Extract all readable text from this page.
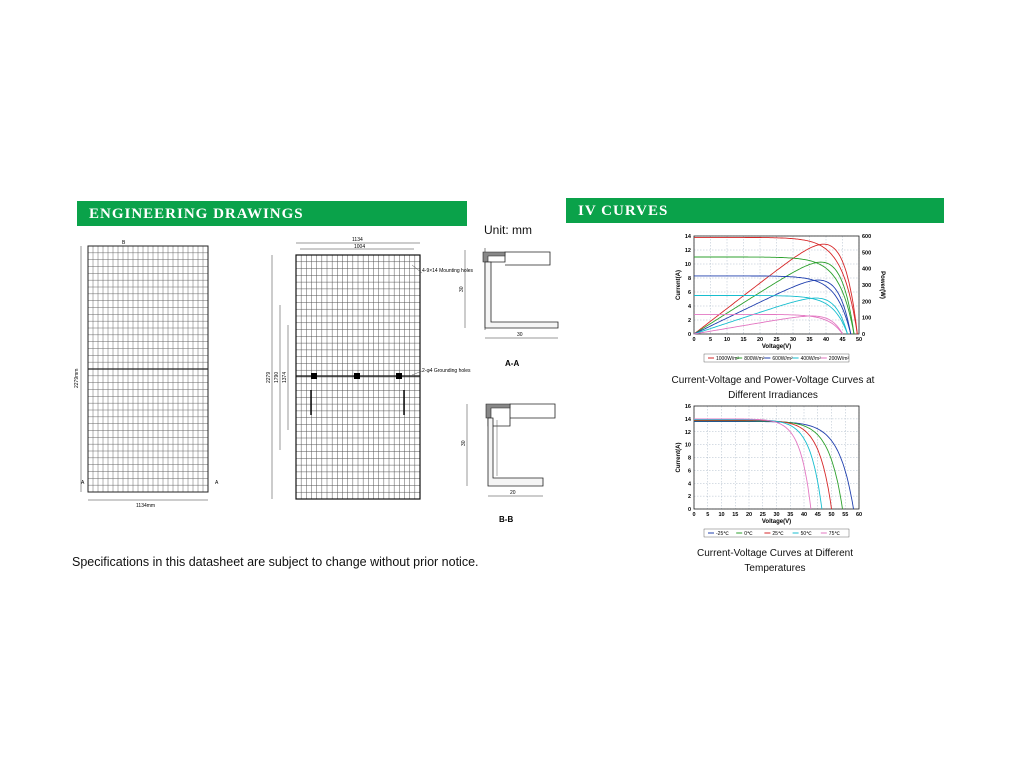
ENGINEERING DRAWINGS	IV CURVES
Unit: mm
2279mm
1134mm
A	A
B	1134
1004
2279 1790 1374
4-9×14 Mounting holes
2-φ4 Grounding holes
30
30
A-A
30
20
B-B
Specifications in this datasheet are subject to change without prior notice.
0
2
4
6
8
10
12
14
0 5 10 15 20 25 30 35 40 45 50
Voltage(V)
Current(A)
0
100
200
300
400
500
600
Power(W)
1000W/m² 800W/m² 600W/m² 400W/m² 200W/m²
Current-Voltage and Power-Voltage Curves at Different Irradiances
0
2
4
6
8
10
12
14
16
0 5 10 15 20 25 30 35 40 45 50 55 60
Voltage(V)
Current(A)
-25℃	0℃	25℃	50℃	75℃
Current-Voltage Curves at Different Temperatures
